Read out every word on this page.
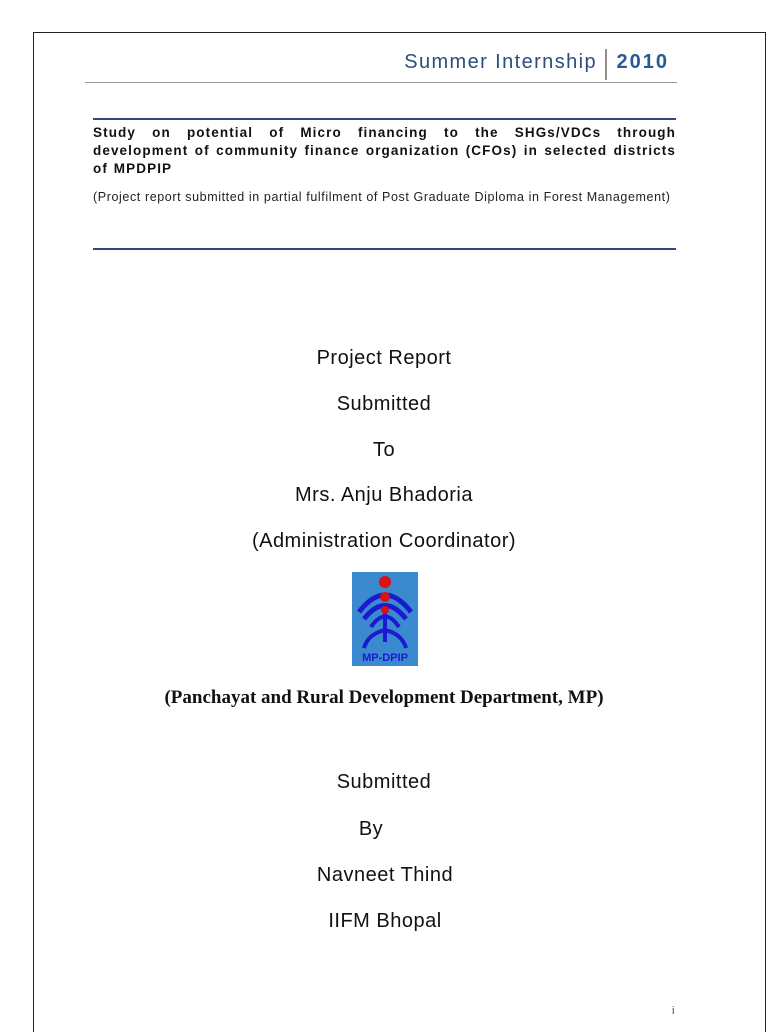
Summer Internship 2010
Study on potential of Micro financing to the SHGs/VDCs through development of community finance organization (CFOs) in selected districts of MPDPIP
(Project report submitted in partial fulfilment of Post Graduate Diploma in Forest Management)
Project Report
Submitted
To
Mrs. Anju Bhadoria
(Administration Coordinator)
MP-DPIP
(Panchayat and Rural Development Department, MP)
Submitted
By
Navneet Thind
IIFM Bhopal
i
